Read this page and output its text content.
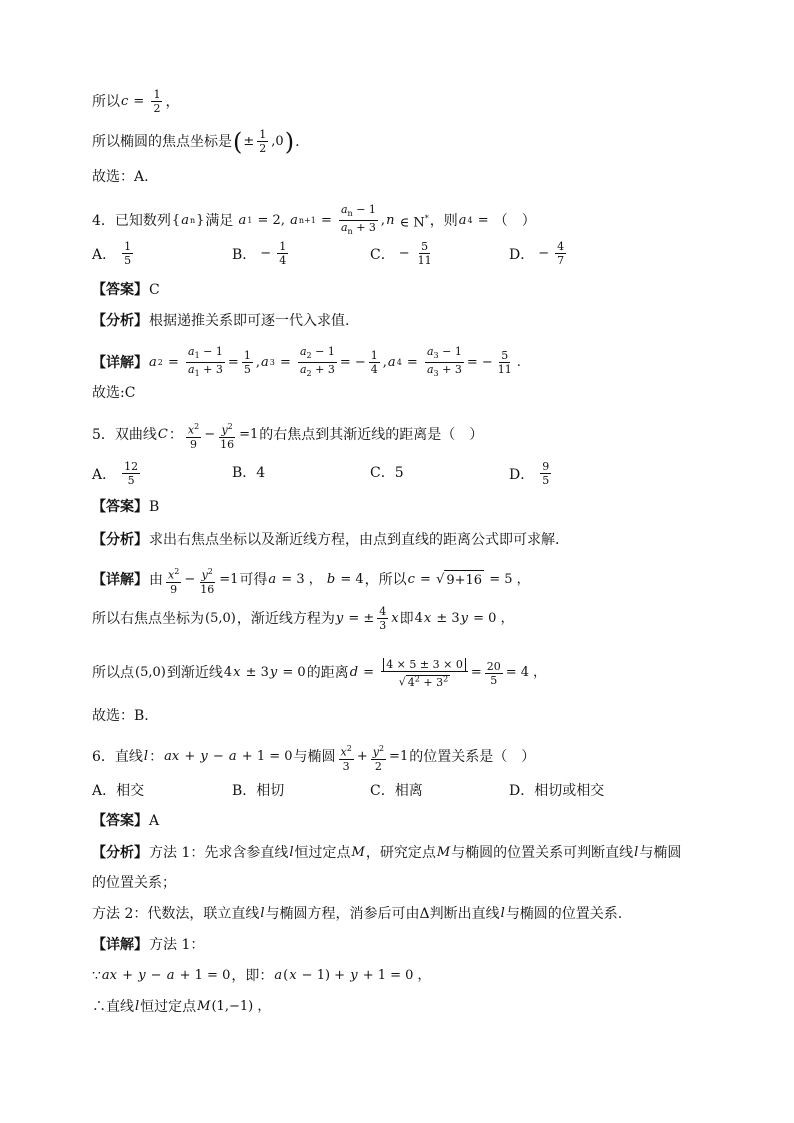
所以 $c = \frac{1}{2}$ ，
所以椭圆的焦点坐标是 ( ± $\frac{1}{2} ,0$ ) .
故选：A.
4．已知数列 { a n } 满足 a 1 = 2, a $n+1 = \frac{a_n - 1}{a_n + 3}$ , n ∈ N* ，则 a 4 = （　）
A． $\frac{1}{5}$	B． − $\frac{1}{4}$	C． − $\frac{5}{11}$	D． − $\frac{4}{7}$
【答案】 C
【分析】 根据递推关系即可逐一代入求值.
【详解】 a $2 = \frac{a_1 - 1}{a_1 + 3} = \frac{1}{5}$ , a $3 = \frac{a_2 - 1}{a_2 + 3}$ = − $\frac{1}{4}$ , a $4 = \frac{a_3 - 1}{a_3 + 3}$ = − $\frac{5}{11}$ .
故选:C
5．双曲线 C ： $\frac{x^2}{9} - \frac{y^2}{16} =1$ 的右焦点到其渐近线的距离是（　）
A． $\frac{12}{5}$	B．4	C．5	D． $\frac{9}{5}$
【答案】 B
【分析】 求出右焦点坐标以及渐近线方程，由点到直线的距离公式即可求解.
【详解】 由 $\frac{x^2}{9} - \frac{y^2}{16} =1$ 可得 a = 3 ， b = 4 ，所以 c = √ 9+16 = 5 ，
所以右焦点坐标为 (5,0) ，渐近线方程为 y = ± $\frac{4}{3}$ x 即 4 x ± 3 y = 0 ，
所以点 (5,0) 到渐近线 4 x ± 3 y = 0 的距离 $d = \frac{4 \times 5 \pm 3 \times 0}{√ 4^2 + 3^2} = \frac{20}{5} = 4$ ，
故选：B.
6．直线 l ： ax + y − a + 1 = 0 与椭圆 $\frac{x^2}{3} + \frac{y^2}{2} =1$ 的位置关系是（　）
A．相交	B．相切	C．相离	D．相切或相交
【答案】 A
【分析】 方法 1：先求含参直线 l 恒过定点 M ，研究定点 M 与椭圆的位置关系可判断直线 l 与椭圆
的位置关系；
方法 2：代数法，联立直线 l 与椭圆方程，消参后可由Δ判断出直线 l 与椭圆的位置关系.
【详解】 方法 1：
∵ ax + y − a + 1 = 0 ，即： a ( x − 1) + y + 1 = 0 ，
∴直线 l 恒过定点 M (1,−1) ，
